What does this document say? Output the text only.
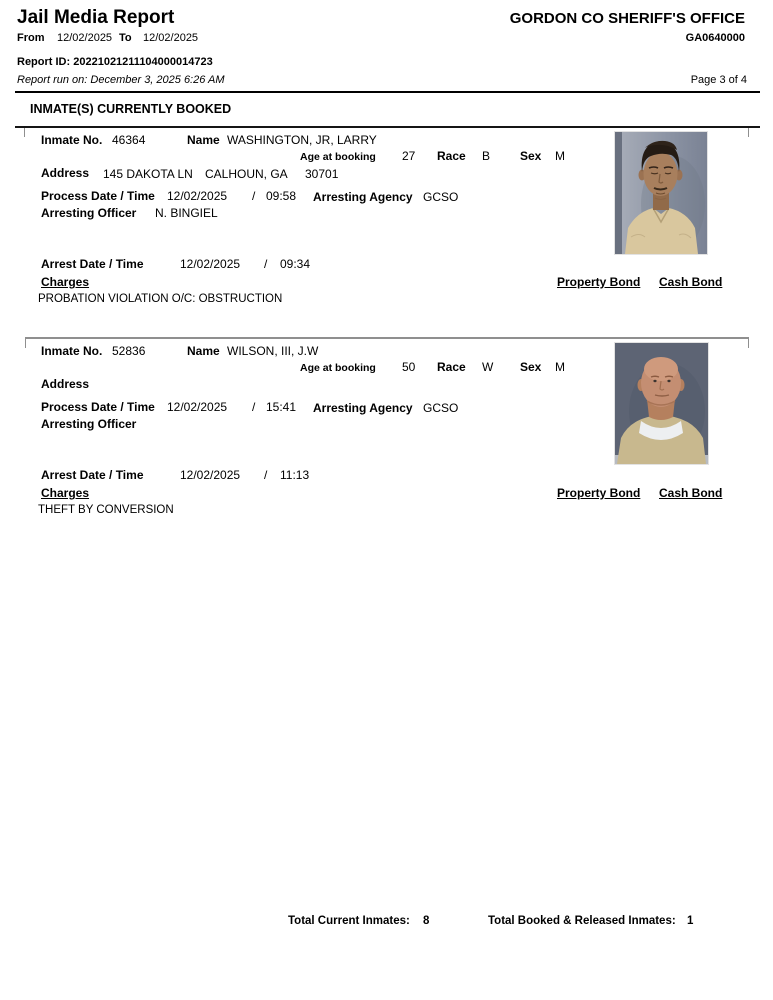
Jail Media Report	GORDON CO SHERIFF'S OFFICE
From 12/02/2025 To 12/02/2025	GA0640000
Report ID: 20221021211104000014723
Report run on: December 3, 2025 6:26 AM	Page 3 of 4
INMATE(S) CURRENTLY BOOKED
Inmate No. 46364	Name WASHINGTON, JR, LARRY
Age at booking 27 Race B Sex M
Address 145 DAKOTA LN CALHOUN, GA 30701
Process Date / Time 12/02/2025 / 09:58 Arresting Agency GCSO
Arresting Officer N. BINGIEL
Arrest Date / Time	12/02/2025 / 09:34
Charges	Property Bond Cash Bond
PROBATION VIOLATION O/C: OBSTRUCTION
Inmate No. 52836	Name WILSON, III, J.W
Age at booking 50 Race W Sex M
Address
Process Date / Time 12/02/2025 / 15:41 Arresting Agency GCSO
Arresting Officer
Arrest Date / Time	12/02/2025 / 11:13
Charges	Property Bond Cash Bond
THEFT BY CONVERSION
Total Current Inmates: 8	Total Booked & Released Inmates: 1
